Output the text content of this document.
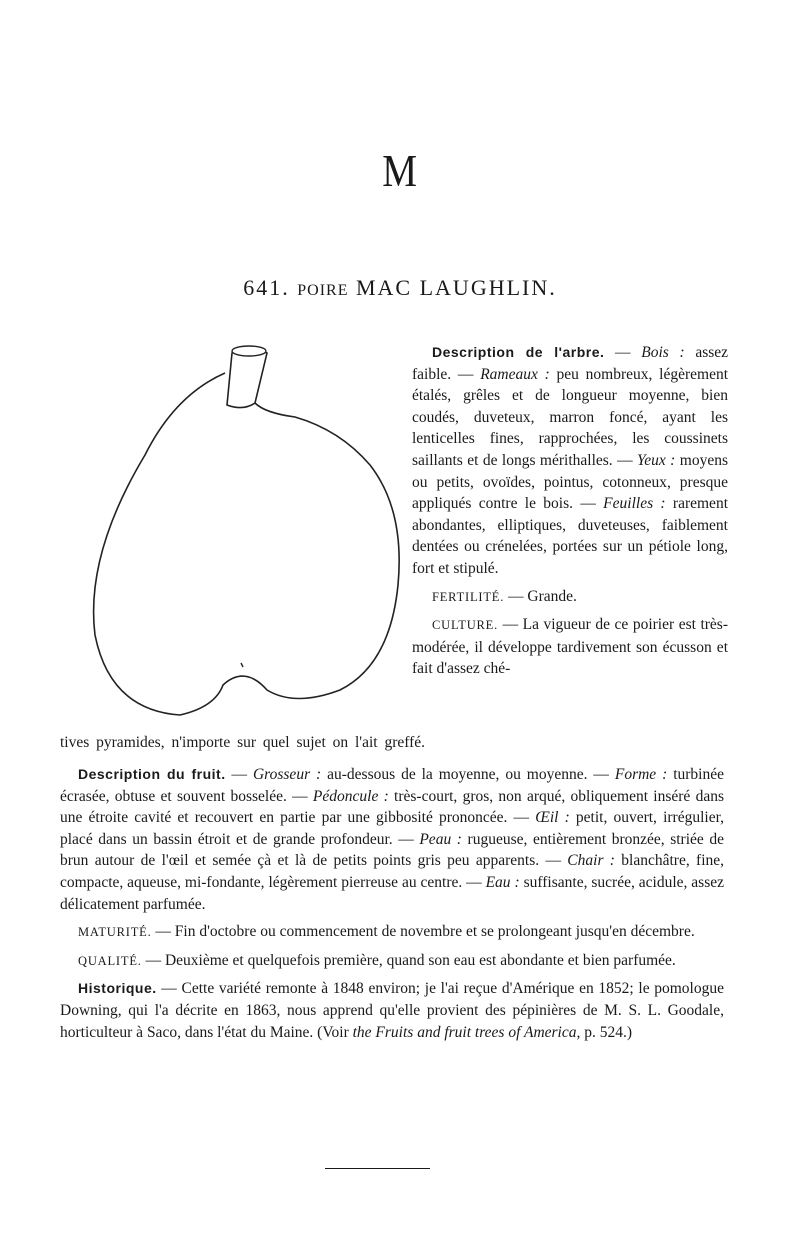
M
641. POIRE MAC LAUGHLIN.

Description de l'arbre. — Bois : assez faible. — Rameaux : peu nombreux, légèrement étalés, grêles et de longueur moyenne, bien coudés, duveteux, marron foncé, ayant les lenticelles fines, rapprochées, les coussinets saillants et de longs mérithalles. — Yeux : moyens ou petits, ovoïdes, pointus, cotonneux, presque appliqués contre le bois. — Feuilles : rarement abondantes, elliptiques, duveteuses, faiblement dentées ou crénelées, portées sur un pétiole long, fort et stipulé.

FERTILITÉ. — Grande.

CULTURE. — La vigueur de ce poirier est très-modérée, il développe tardivement son écusson et fait d'assez ché-

tives pyramides, n'importe sur quel sujet on l'ait greffé.

Description du fruit. — Grosseur : au-dessous de la moyenne, ou moyenne. — Forme : turbinée écrasée, obtuse et souvent bosselée. — Pédoncule : très-court, gros, non arqué, obliquement inséré dans une étroite cavité et recouvert en partie par une gibbosité prononcée. — Œil : petit, ouvert, irrégulier, placé dans un bassin étroit et de grande profondeur. — Peau : rugueuse, entièrement bronzée, striée de brun autour de l'œil et semée çà et là de petits points gris peu apparents. — Chair : blanchâtre, fine, compacte, aqueuse, mi-fondante, légèrement pierreuse au centre. — Eau : suffisante, sucrée, acidule, assez délicatement parfumée.

MATURITÉ. — Fin d'octobre ou commencement de novembre et se prolongeant jusqu'en décembre.

QUALITÉ. — Deuxième et quelquefois première, quand son eau est abondante et bien parfumée.

Historique. — Cette variété remonte à 1848 environ; je l'ai reçue d'Amérique en 1852; le pomologue Downing, qui l'a décrite en 1863, nous apprend qu'elle provient des pépinières de M. S. L. Goodale, horticulteur à Saco, dans l'état du Maine. (Voir the Fruits and fruit trees of America, p. 524.)
